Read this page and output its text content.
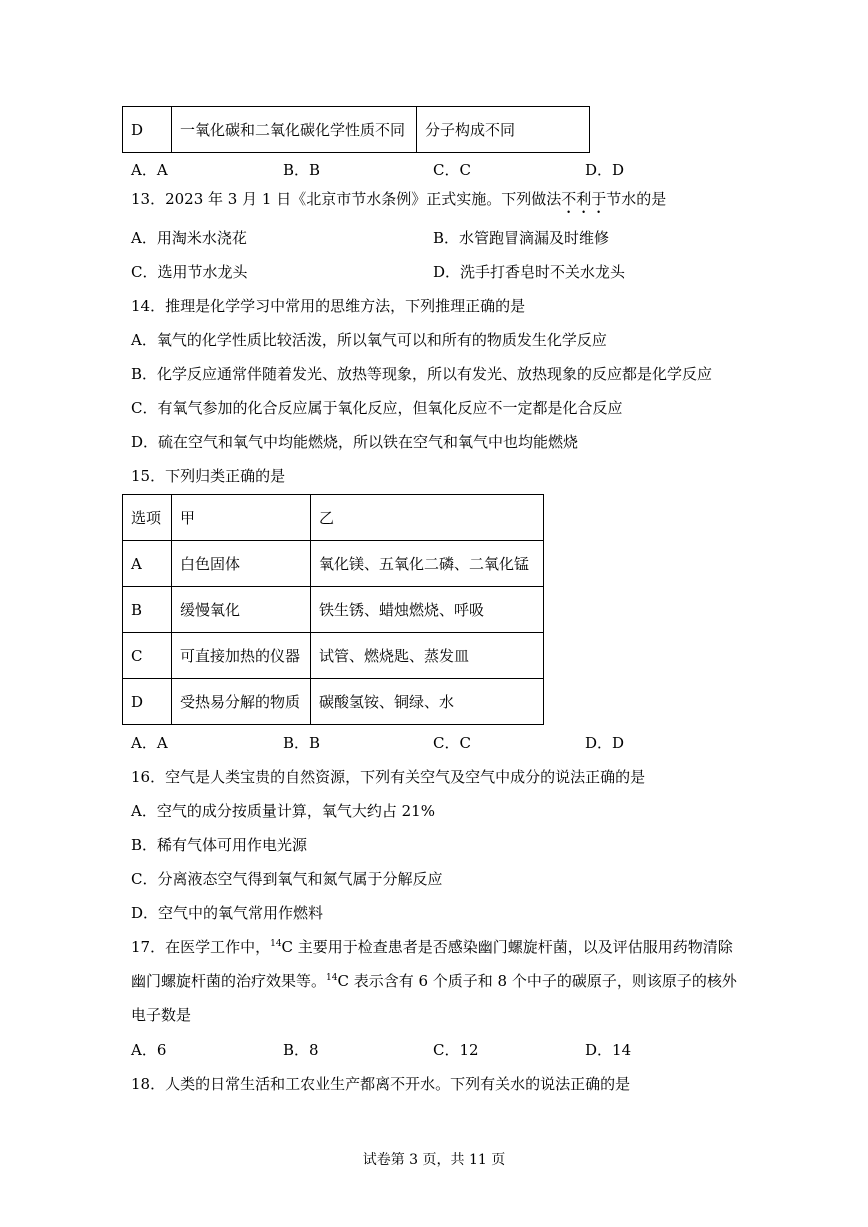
D	一氧化碳和二氧化碳化学性质不同	分子构成不同
A．A	B．B	C．C	D．D
13．2023 年 3 月 1 日《北京市节水条例》正式实施。下列做法不利于节水的是
A．用淘米水浇花	B．水管跑冒滴漏及时维修
C．选用节水龙头	D．洗手打香皂时不关水龙头
14．推理是化学学习中常用的思维方法，下列推理正确的是
A．氧气的化学性质比较活泼，所以氧气可以和所有的物质发生化学反应
B．化学反应通常伴随着发光、放热等现象，所以有发光、放热现象的反应都是化学反应
C．有氧气参加的化合反应属于氧化反应，但氧化反应不一定都是化合反应
D．硫在空气和氧气中均能燃烧，所以铁在空气和氧气中也均能燃烧
15．下列归类正确的是
选项	甲	乙
A	白色固体	氧化镁、五氧化二磷、二氧化锰
B	缓慢氧化	铁生锈、蜡烛燃烧、呼吸
C	可直接加热的仪器	试管、燃烧匙、蒸发皿
D	受热易分解的物质	碳酸氢铵、铜绿、水
A．A	B．B	C．C	D．D
16．空气是人类宝贵的自然资源，下列有关空气及空气中成分的说法正确的是
A．空气的成分按质量计算，氧气大约占 21%
B．稀有气体可用作电光源
C．分离液态空气得到氧气和氮气属于分解反应
D．空气中的氧气常用作燃料
17．在医学工作中，$^{14}$C 主要用于检查患者是否感染幽门螺旋杆菌，以及评估服用药物清除
幽门螺旋杆菌的治疗效果等。$^{14}$C 表示含有 6 个质子和 8 个中子的碳原子，则该原子的核外
电子数是
A．6	B．8	C．12	D．14
18．人类的日常生活和工农业生产都离不开水。下列有关水的说法正确的是
试卷第 3 页，共 11 页
